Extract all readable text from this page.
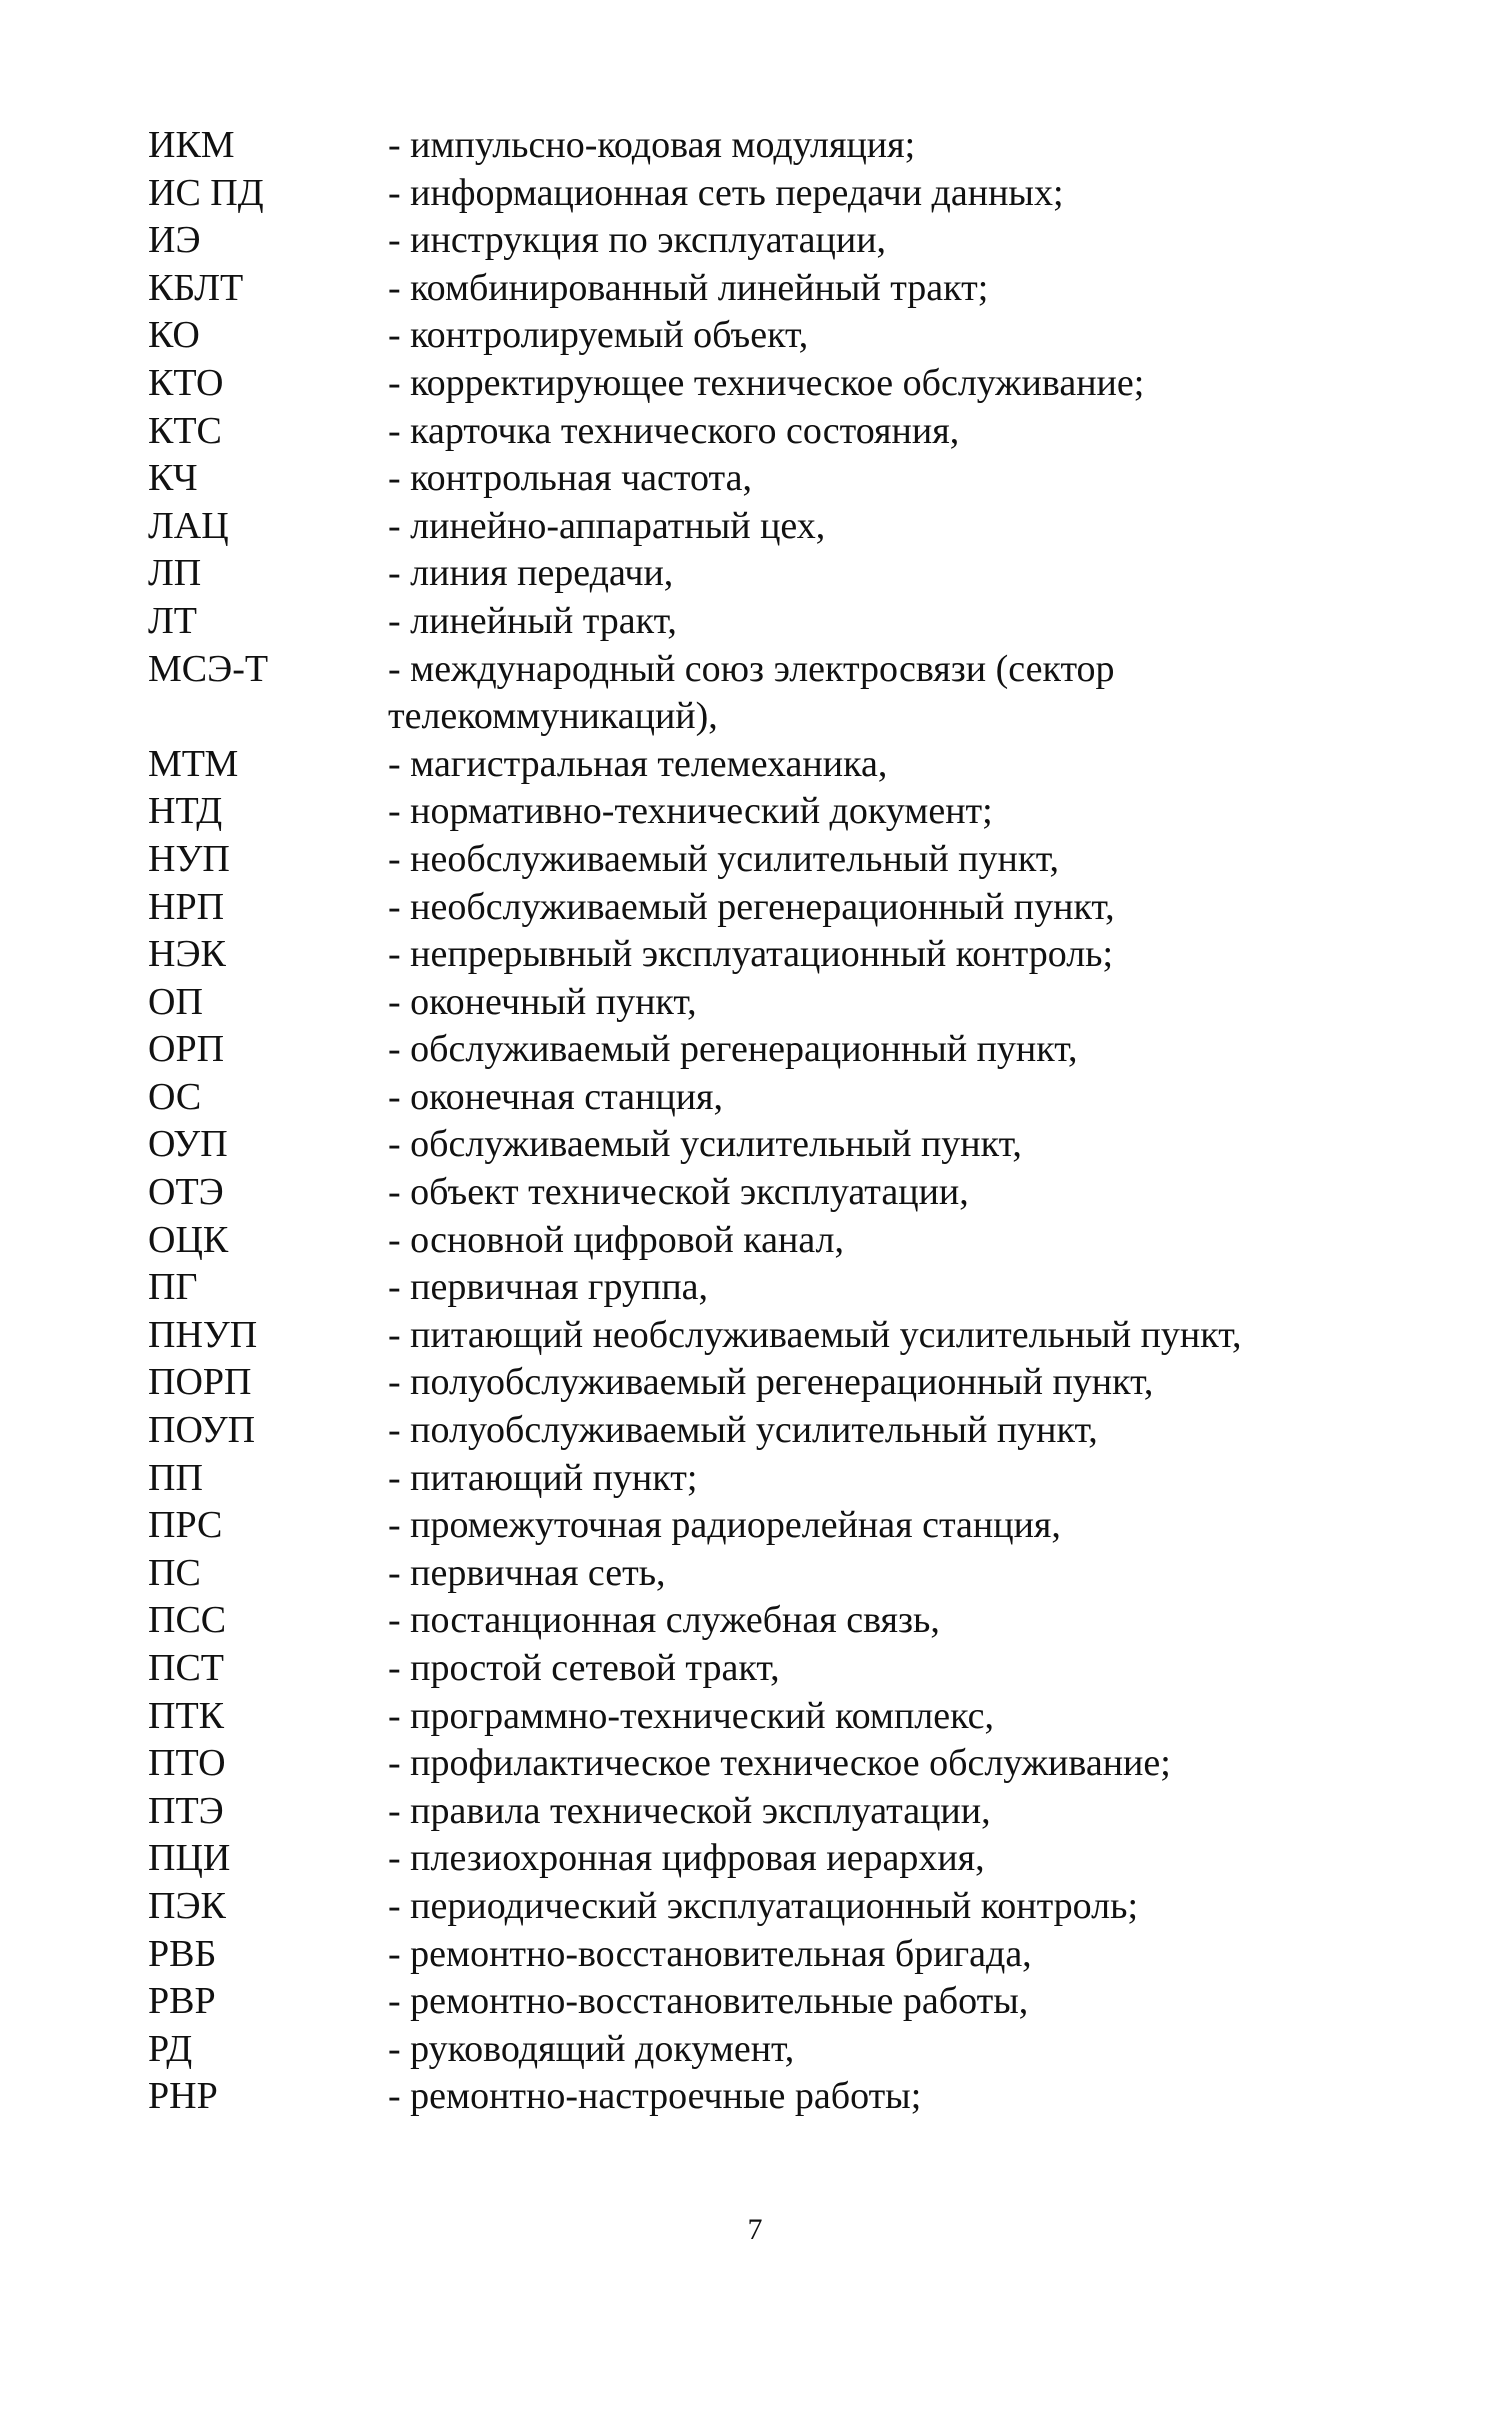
ИКМ	- импульсно-кодовая модуляция;
ИС ПД	- информационная сеть передачи данных;
ИЭ	- инструкция по эксплуатации,
КБЛТ	- комбинированный линейный тракт;
КО	- контролируемый объект,
КТО	- корректирующее техническое обслуживание;
КТС	- карточка технического состояния,
КЧ	- контрольная частота,
ЛАЦ	- линейно-аппаратный цех,
ЛП	- линия передачи,
ЛТ	- линейный тракт,
МСЭ-Т	- международный союз электросвязи (сектор телекоммуникаций),
МТМ	- магистральная телемеханика,
НТД	- нормативно-технический документ;
НУП	- необслуживаемый усилительный пункт,
НРП	- необслуживаемый регенерационный пункт,
НЭК	- непрерывный эксплуатационный контроль;
ОП	- оконечный пункт,
ОРП	- обслуживаемый регенерационный пункт,
ОС	- оконечная станция,
ОУП	- обслуживаемый усилительный пункт,
ОТЭ	- объект технической эксплуатации,
ОЦК	- основной цифровой канал,
ПГ	- первичная группа,
ПНУП	- питающий необслуживаемый усилительный пункт,
ПОРП	- полуобслуживаемый регенерационный пункт,
ПОУП	- полуобслуживаемый усилительный пункт,
ПП	- питающий пункт;
ПРС	- промежуточная радиорелейная станция,
ПС	- первичная сеть,
ПСС	- постанционная служебная связь,
ПСТ	- простой сетевой тракт,
ПТК	- программно-технический комплекс,
ПТО	- профилактическое техническое обслуживание;
ПТЭ	- правила технической эксплуатации,
ПЦИ	- плезиохронная цифровая иерархия,
ПЭК	- периодический эксплуатационный контроль;
РВБ	- ремонтно-восстановительная бригада,
РВР	- ремонтно-восстановительные работы,
РД	- руководящий документ,
РНР	- ремонтно-настроечные работы;
7
